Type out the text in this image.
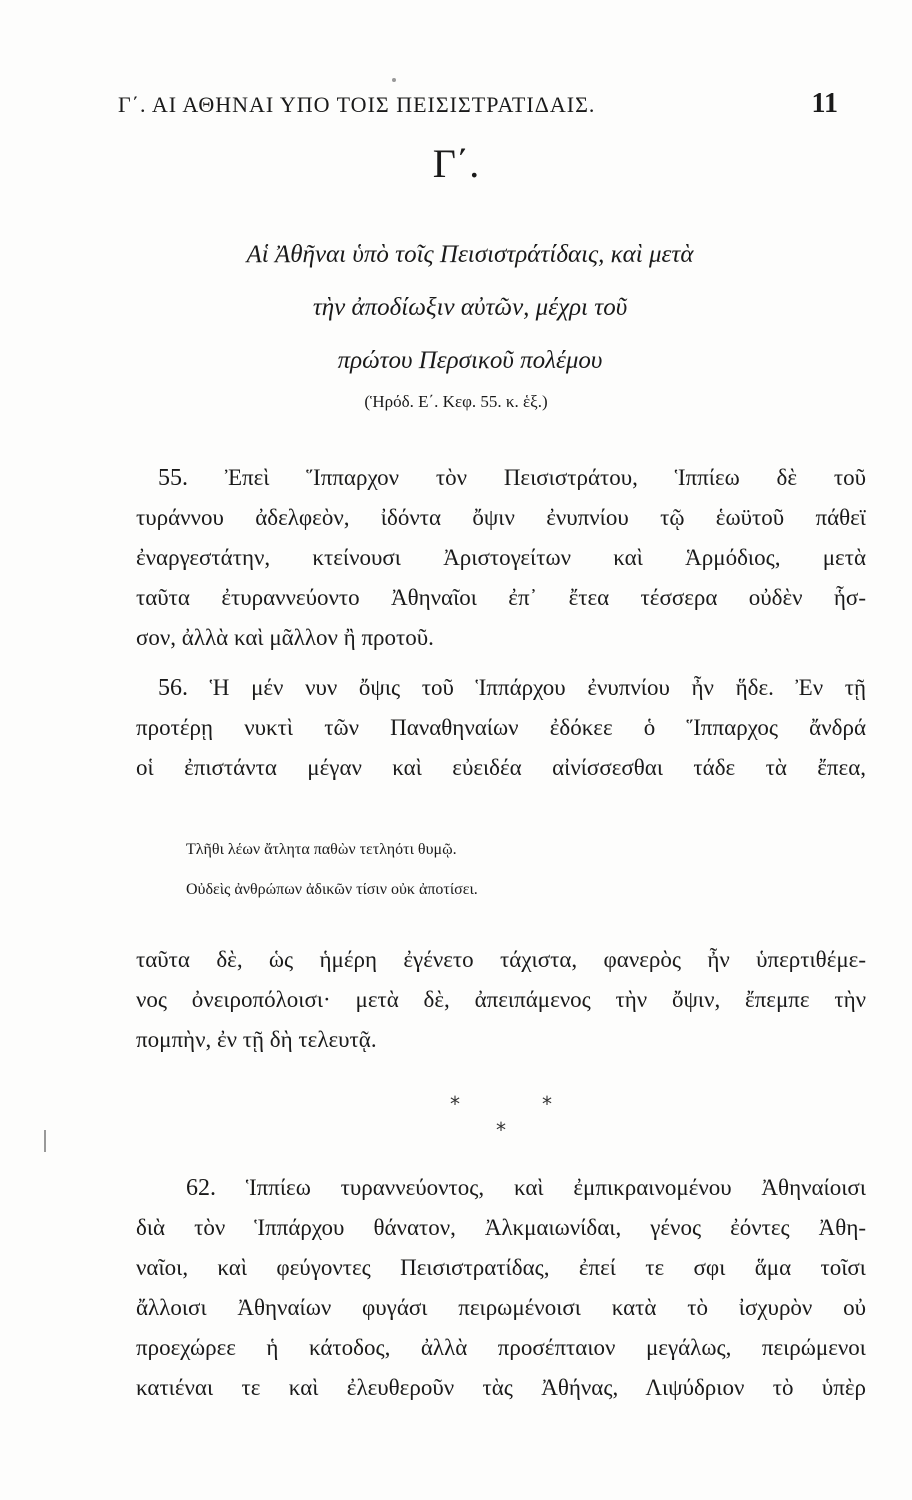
Γ΄. ΑΙ ΑΘΗΝΑΙ ΥΠΟ ΤΟΙΣ ΠΕΙΣΙΣΤΡΑΤΙΔΑΙΣ.	11
Γ΄.
Αἱ Ἀθῆναι ὑπὸ τοῖς Πεισιστράτίδαις, καὶ μετὰ
τὴν ἀποδίωξιν αὐτῶν, μέχρι τοῦ
πρώτου Περσικοῦ πολέμου
(Ἡρόδ. Ε΄. Κεφ. 55. κ. ἑξ.)
55. Ἐπεὶ Ἵππαρχον τὸν Πεισιστράτου, Ἱππίεω δὲ τοῦ
τυράννου ἀδελφεὸν, ἰδόντα ὄψιν ἐνυπνίου τῷ ἑωϋτοῦ πάθεϊ
ἐναργεστάτην, κτείνουσι Ἀριστογείτων καὶ Ἁρμόδιος, μετὰ
ταῦτα ἐτυραννεύοντο Ἀθηναῖοι ἐπ᾿ ἔτεα τέσσερα οὐδὲν ἧσ-
σον, ἀλλὰ καὶ μᾶλλον ἢ προτοῦ.
56. Ἡ μέν νυν ὄψις τοῦ Ἱππάρχου ἐνυπνίου ἦν ἥδε. Ἐν τῇ
προτέρῃ νυκτὶ τῶν Παναθηναίων ἐδόκεε ὁ Ἵππαρχος ἄνδρά
οἱ ἐπιστάντα μέγαν καὶ εὐειδέα αἰνίσσεσθαι τάδε τὰ ἔπεα,
Τλῆθι λέων ἄτλητα παθὼν τετληότι θυμῷ.
Οὐδεὶς ἀνθρώπων ἀδικῶν τίσιν οὐκ ἀποτίσει.
ταῦτα δὲ, ὡς ἡμέρη ἐγένετο τάχιστα, φανερὸς ἦν ὑπερτιθέμε-
νος ὀνειροπόλοισι· μετὰ δὲ, ἀπειπάμενος τὴν ὄψιν, ἔπεμπε τὴν
πομπὴν, ἐν τῇ δὴ τελευτᾷ.
*	*
*
62. Ἱππίεω τυραννεύοντος, καὶ ἐμπικραινομένου Ἀθηναίοισι
διὰ τὸν Ἱππάρχου θάνατον, Ἀλκμαιωνίδαι, γένος ἐόντες Ἀθη-
ναῖοι, καὶ φεύγοντες Πεισιστρατίδας, ἐπεί τε σφι ἅμα τοῖσι
ἄλλοισι Ἀθηναίων φυγάσι πειρωμένοισι κατὰ τὸ ἰσχυρὸν οὐ
προεχώρεε ἡ κάτοδος, ἀλλὰ προσέπταιον μεγάλως, πειρώμενοι
κατιέναι τε καὶ ἐλευθεροῦν τὰς Ἀθήνας, Λιψύδριον τὸ ὑπὲρ
